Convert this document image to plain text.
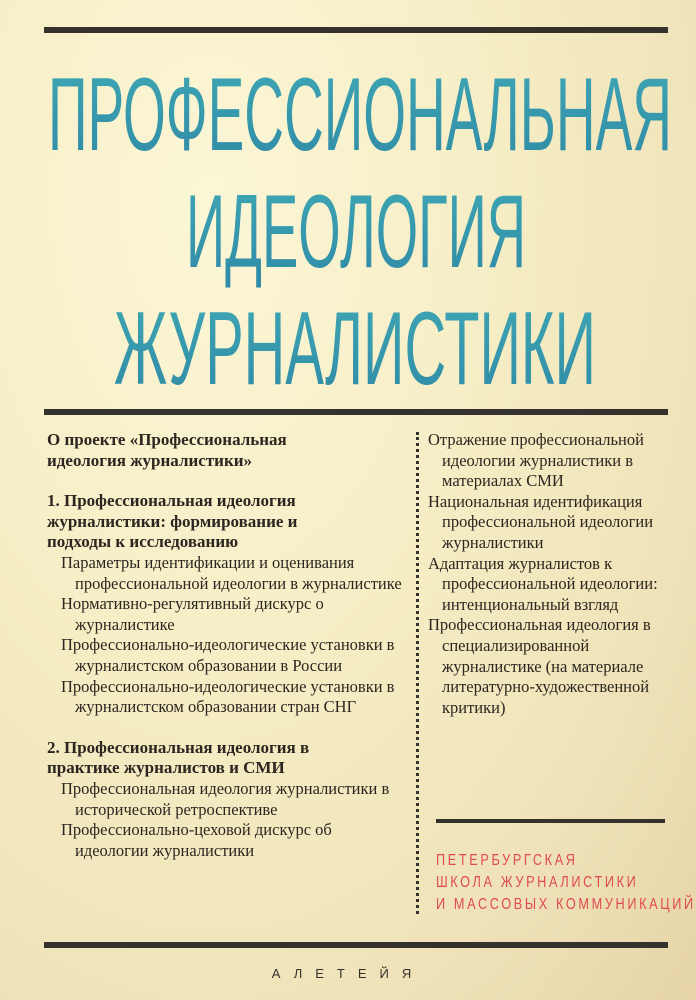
ПРОФЕССИОНАЛЬНАЯ
ИДЕОЛОГИЯ
ЖУРНАЛИСТИКИ
О проекте «Профессиональная идеология журналистики»
1. Профессиональная идеология журналистики: формирование и подходы к исследованию
Параметры идентификации и оценивания профессиональной идеологии в журналистике
Нормативно-регулятивный дискурс о журналистике
Профессионально-идеологические установки в журналистском образовании в России
Профессионально-идеологические установки в журналистском образовании стран СНГ
2. Профессиональная идеология в практике журналистов и СМИ
Профессиональная идеология журналистики в исторической ретроспективе
Профессионально-цеховой дискурс об идеологии журналистики
Отражение профессиональной идеологии журналистики в материалах СМИ
Национальная идентификация профессиональной идеологии журналистики
Адаптация журналистов к профессиональной идеологии: интенциональный взгляд
Профессиональная идеология в специализированной журналистике (на материале литературно-художественной критики)
ПЕТЕРБУРГСКАЯ
ШКОЛА ЖУРНАЛИСТИКИ
И МАССОВЫХ КОММУНИКАЦИЙ
АЛЕТЕЙЯ
